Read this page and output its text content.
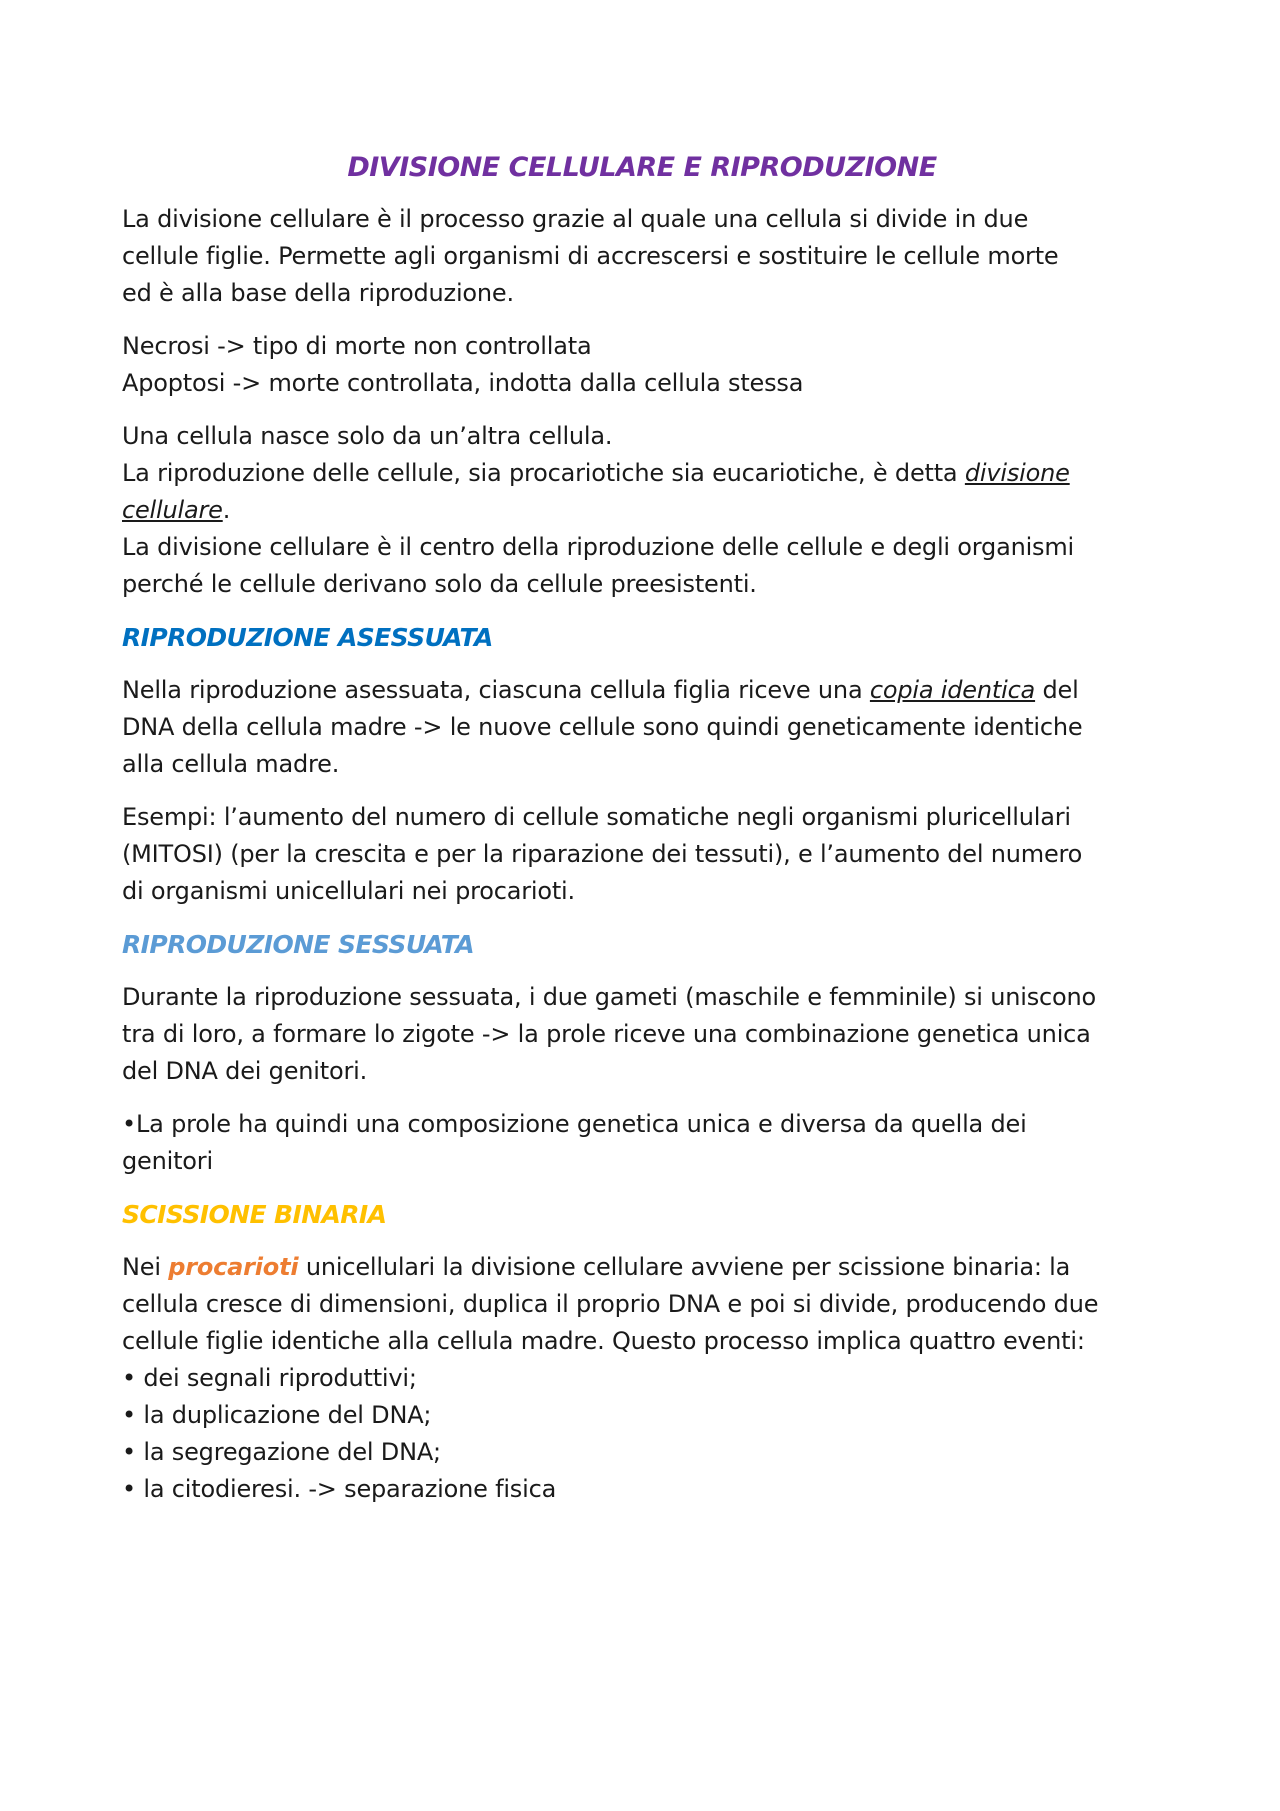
DIVISIONE CELLULARE E RIPRODUZIONE
La divisione cellulare è il processo grazie al quale una cellula si divide in due
cellule figlie. Permette agli organismi di accrescersi e sostituire le cellule morte
ed è alla base della riproduzione.
Necrosi -> tipo di morte non controllata
Apoptosi -> morte controllata, indotta dalla cellula stessa
Una cellula nasce solo da un’altra cellula.
La riproduzione delle cellule, sia procariotiche sia eucariotiche, è detta divisione
cellulare.
La divisione cellulare è il centro della riproduzione delle cellule e degli organismi
perché le cellule derivano solo da cellule preesistenti.
RIPRODUZIONE ASESSUATA
Nella riproduzione asessuata, ciascuna cellula figlia riceve una copia identica del
DNA della cellula madre -> le nuove cellule sono quindi geneticamente identiche
alla cellula madre.
Esempi: l’aumento del numero di cellule somatiche negli organismi pluricellulari
(MITOSI) (per la crescita e per la riparazione dei tessuti), e l’aumento del numero
di organismi unicellulari nei procarioti.
RIPRODUZIONE SESSUATA
Durante la riproduzione sessuata, i due gameti (maschile e femminile) si uniscono
tra di loro, a formare lo zigote -> la prole riceve una combinazione genetica unica
del DNA dei genitori.
•La prole ha quindi una composizione genetica unica e diversa da quella dei
genitori
SCISSIONE BINARIA
Nei procarioti unicellulari la divisione cellulare avviene per scissione binaria: la
cellula cresce di dimensioni, duplica il proprio DNA e poi si divide, producendo due
cellule figlie identiche alla cellula madre. Questo processo implica quattro eventi:
• dei segnali riproduttivi;
• la duplicazione del DNA;
• la segregazione del DNA;
• la citodieresi. -> separazione fisica
